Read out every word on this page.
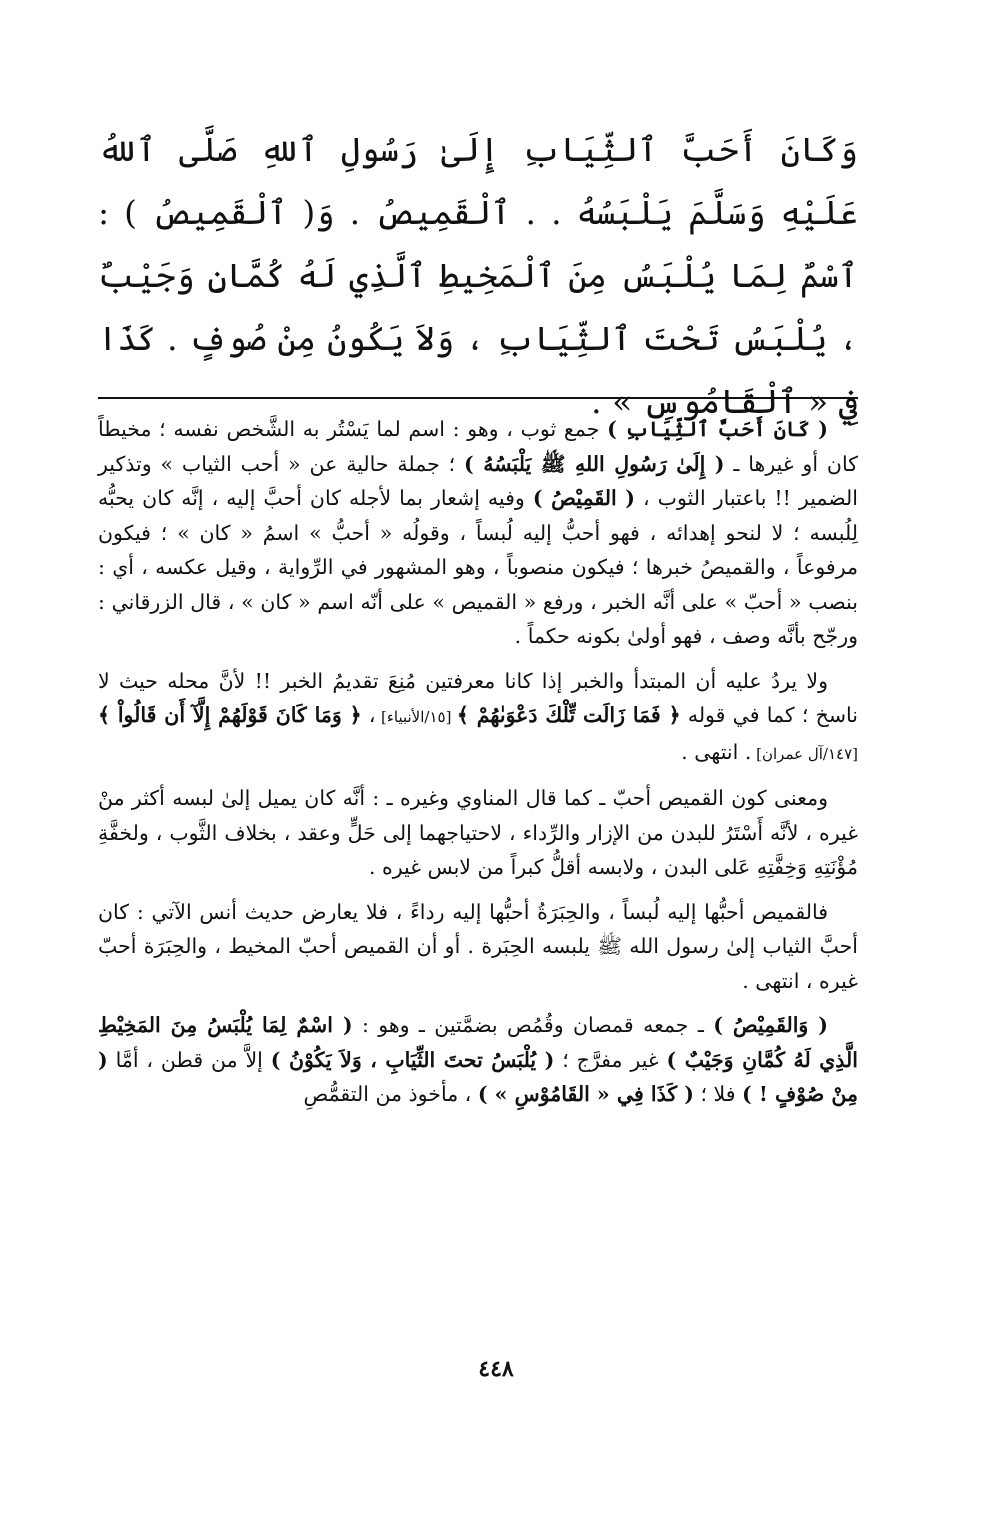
وَكَانَ أَحَبَّ ٱلثِّيَابِ إِلَىٰ رَسُولِ ٱللهِ صَلَّى ٱللهُ عَلَيْهِ وَسَلَّمَ يَلْبَسُهُ . . ٱلْقَمِيصُ . وَ( ٱلْقَمِيصُ ) : ٱسْمٌ لِمَا يُلْبَسُ مِنَ ٱلْمَخِيطِ ٱلَّذِي لَهُ كُمَّانِ وَجَيْبٌ ، يُلْبَسُ تَحْتَ ٱلثِّيَابِ ، وَلاَ يَكُونُ مِنْ صُوفٍ . كَذَا فِي « ٱلْقَامُوسِ » .

( كَانَ أَحَبَّ ٱلثِّيَابِ ) جمع ثوب ، وهو : اسم لما يَسْتُر به الشَّخص نفسه ؛ مخيطاً كان أو غيرها ـ ( إِلَىٰ رَسُولِ اللهِ ﷺ يَلْبَسُهُ ) ؛ جملة حالية عن « أحب الثياب » وتذكير الضمير !! باعتبار الثوب ، ( القَمِيْصُ ) وفيه إشعار بما لأجله كان أحبَّ إليه ، إنَّه كان يحبُّه لِلُبسه ؛ لا لنحو إهدائه ، فهو أحبُّ إليه لُبساً ، وقولُه « أحبُّ » اسمُ « كان » ؛ فيكون مرفوعاً ، والقميصُ خبرها ؛ فيكون منصوباً ، وهو المشهور في الرِّواية ، وقيل عكسه ، أي : بنصب « أحبّ » على أنَّه الخبر ، ورفع « القميص » على أنّه اسم « كان » ، قال الزرقاني : ورجّح بأنَّه وصف ، فهو أولىٰ بكونه حكماً .

ولا يردُ عليه أن المبتدأ والخبر إذا كانا معرفتين مُنِعَ تقديمُ الخبر !! لأنَّ محله حيث لا ناسخ ؛ كما في قوله ﴿ فَمَا زَالَت تِّلْكَ دَعْوَىٰهُمْ ﴾ [١٥/الأنبياء] ، ﴿ وَمَا كَانَ قَوْلَهُمْ إِلَّآ أَن قَالُواْ ﴾ [١٤٧/آل عمران] . انتهى .

ومعنى كون القميص أحبّ ـ كما قال المناوي وغيره ـ : أنَّه كان يميل إلىٰ لبسه أكثر منْ غيره ، لأنَّه أَسْتَرُ للبدن من الإزار والرِّداء ، لاحتياجهما إلى حَلٍّ وعقد ، بخلاف الثَّوب ، ولخفَّةِ مُؤْنَتِهِ وَخِفَّتِهِ عَلى البدن ، ولابسه أقلُّ كبراً من لابس غيره .

فالقميص أحبُّها إليه لُبساً ، والحِبَرَةُ أحبُّها إليه رداءً ، فلا يعارض حديث أنس الآتي : كان أحبَّ الثياب إلىٰ رسول الله ﷺ يلبسه الحِبَرة . أو أن القميص أحبّ المخيط ، والحِبَرَة أحبّ غيره ، انتهى .

( وَالقَمِيْصُ ) ـ جمعه قمصان وقُمُص بضمَّتين ـ وهو : ( اسْمٌ لِمَا يُلْبَسُ مِنَ المَخِيْطِ الَّذِي لَهُ كُمَّانِ وَجَيْبٌ ) غير مفرَّج ؛ ( يُلْبَسُ تحتَ الثِّيَابِ ، وَلاَ يَكُوْنُ ) إلاَّ من قطن ، أمَّا ( مِنْ صُوْفٍ ! ) فلا ؛ ( كَذَا فِي « القَامُوْسِ » ) ، مأخوذ من التقمُّصِ

٤٤٨
